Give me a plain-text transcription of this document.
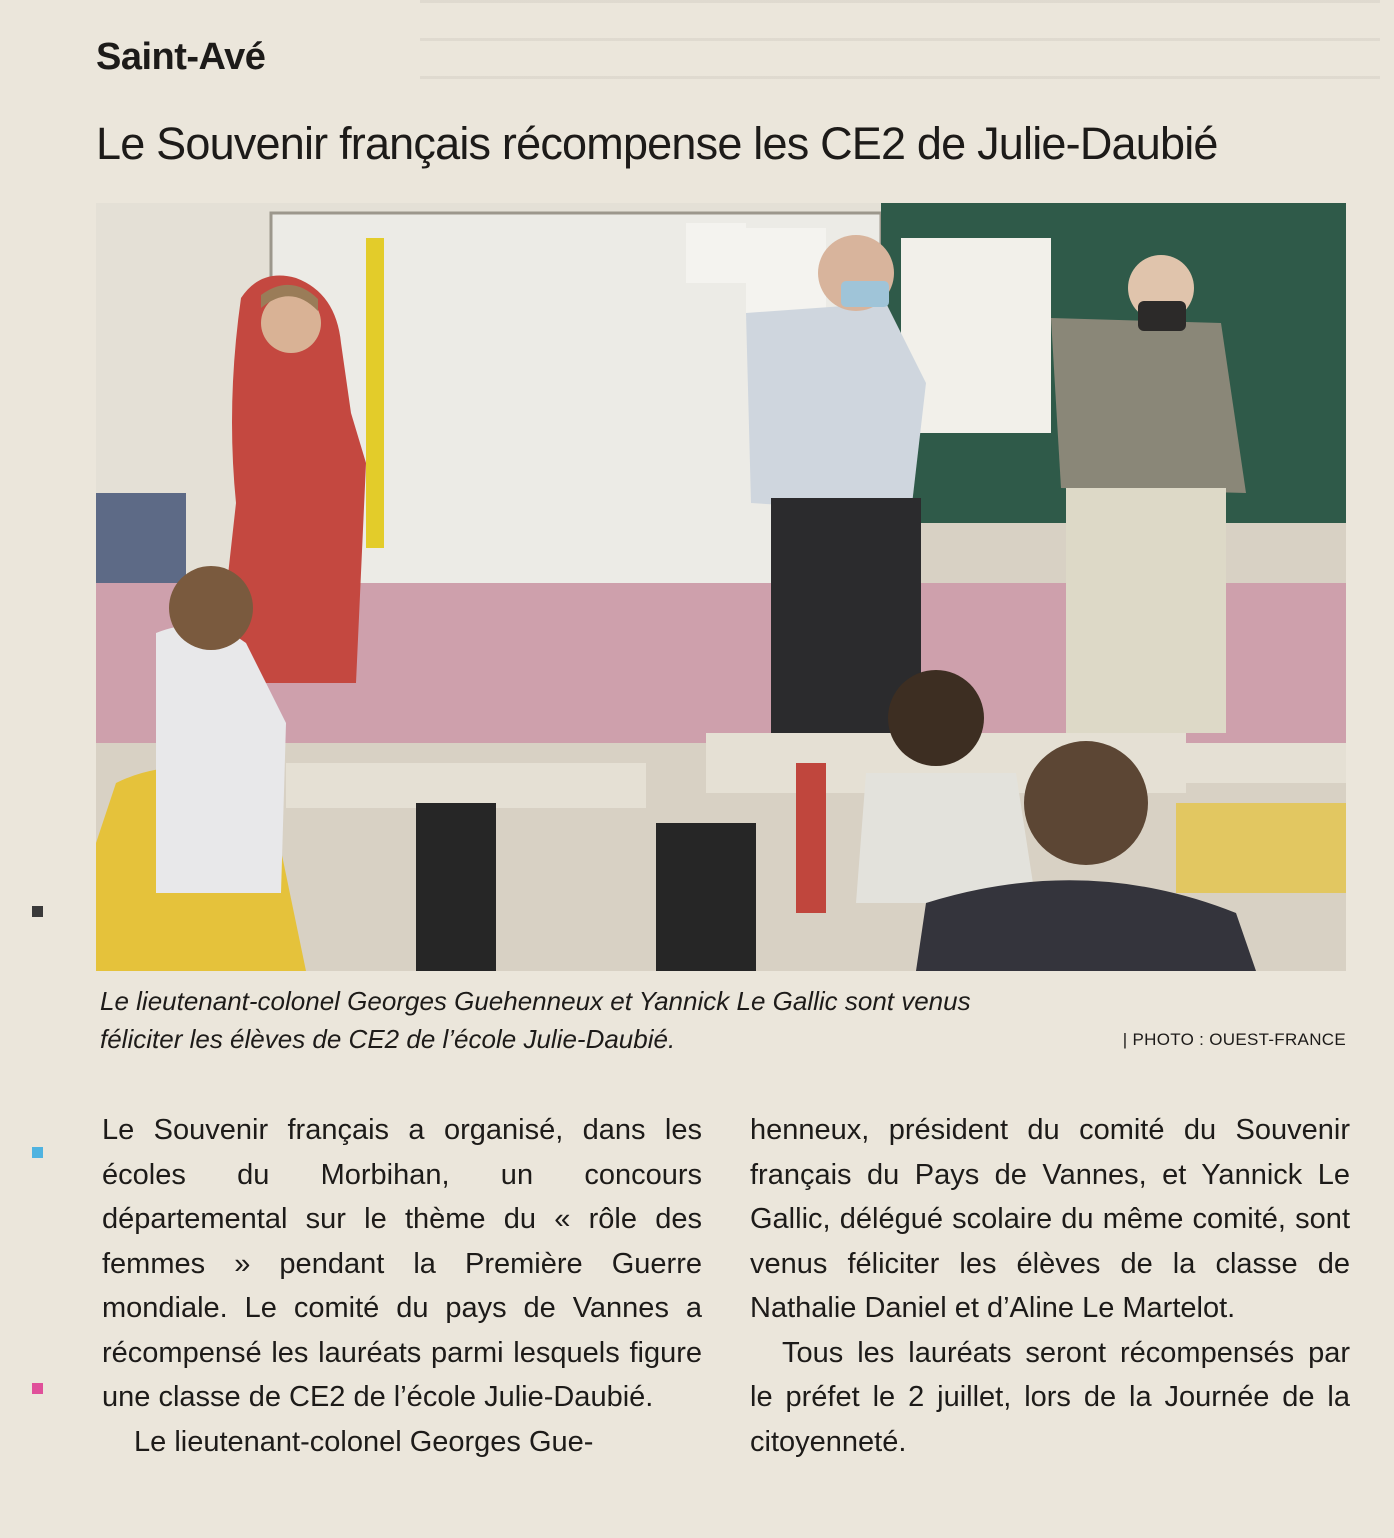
Saint-Avé
Le Souvenir français récompense les CE2 de Julie-Daubié
Le lieutenant-colonel Georges Guehenneux et Yannick Le Gallic sont venus
féliciter les élèves de CE2 de l’école Julie-Daubié.	| PHOTO : OUEST-FRANCE

Le Souvenir français a organisé, dans les écoles du Morbihan, un concours départemental sur le thème du « rôle des femmes » pendant la Première Guerre mondiale. Le comité du pays de Vannes a récompensé les lauréats parmi lesquels figure une classe de CE2 de l’école Julie-Daubié.

Le lieutenant-colonel Georges Gue-

henneux, président du comité du Souvenir français du Pays de Vannes, et Yannick Le Gallic, délégué scolaire du même comité, sont venus féliciter les élèves de la classe de Nathalie Daniel et d’Aline Le Martelot.

Tous les lauréats seront récompensés par le préfet le 2 juillet, lors de la Journée de la citoyenneté.
